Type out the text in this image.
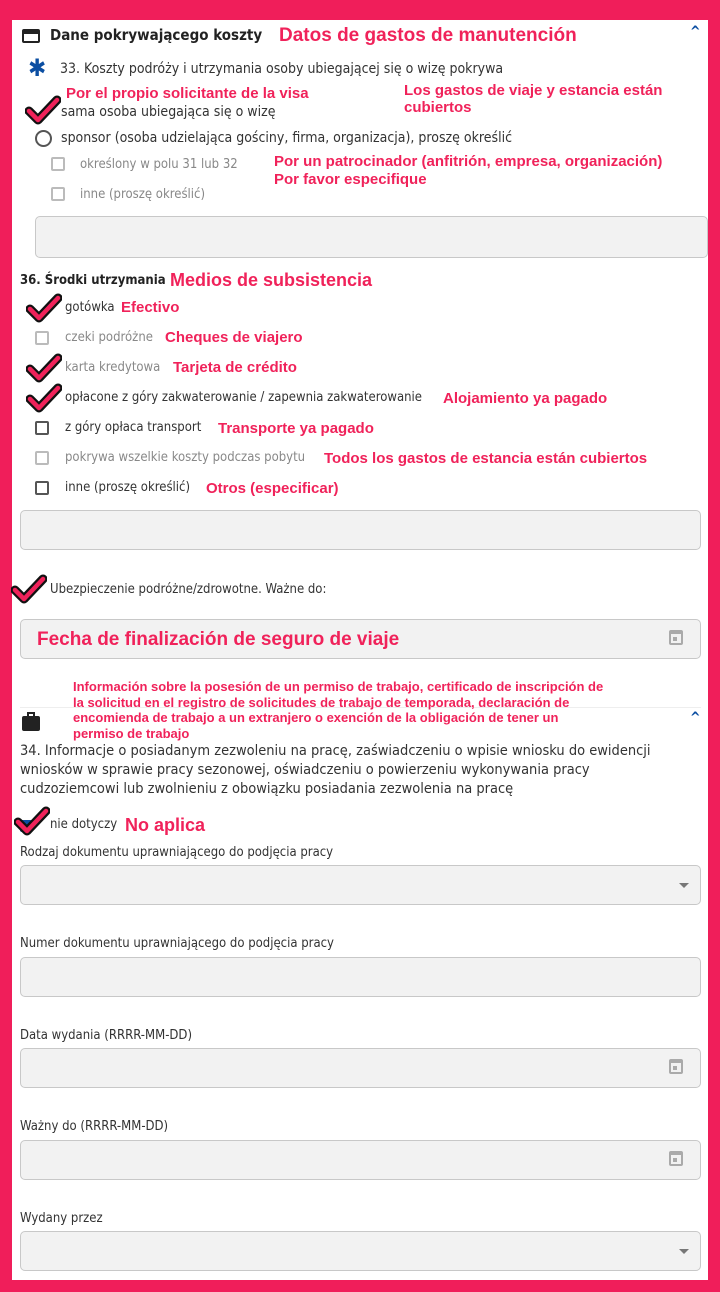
Dane pokrywającego koszty Datos de gastos de manutención	^
✱ 33. Koszty podróży i utrzymania osoby ubiegającej się o wizę pokrywa
Por el propio solicitante de la visa	Los gastos de viaje y estancia están
cubiertos
sama osoba ubiegająca się o wizę
sponsor (osoba udzielająca gościny, firma, organizacja), proszę określić
określony w polu 31 lub 32
inne (proszę określić)
Por un patrocinador (anfitrión, empresa, organización)
Por favor especifique
36. Środki utrzymania Medios de subsistencia
gotówka Efectivo
czeki podróżne Cheques de viajero
karta kredytowa Tarjeta de crédito
opłacone z góry zakwaterowanie / zapewnia zakwaterowanie Alojamiento ya pagado
z góry opłaca transport Transporte ya pagado
pokrywa wszelkie koszty podczas pobytu Todos los gastos de estancia están cubiertos
inne (proszę określić) Otros (especificar)
Ubezpieczenie podróżne/zdrowotne. Ważne do:
Fecha de finalización de seguro de viaje
Información sobre la posesión de un permiso de trabajo, certificado de inscripción de
la solicitud en el registro de solicitudes de trabajo de temporada, declaración de
encomienda de trabajo a un extranjero o exención de la obligación de tener un
permiso de trabajo
^
34. Informacje o posiadanym zezwoleniu na pracę, zaświadczeniu o wpisie wniosku do ewidencji
wniosków w sprawie pracy sezonowej, oświadczeniu o powierzeniu wykonywania pracy
cudzoziemcowi lub zwolnieniu z obowiązku posiadania zezwolenia na pracę
nie dotyczy No aplica
Rodzaj dokumentu uprawniającego do podjęcia pracy
Numer dokumentu uprawniającego do podjęcia pracy
Data wydania (RRRR-MM-DD)
Ważny do (RRRR-MM-DD)
Wydany przez
